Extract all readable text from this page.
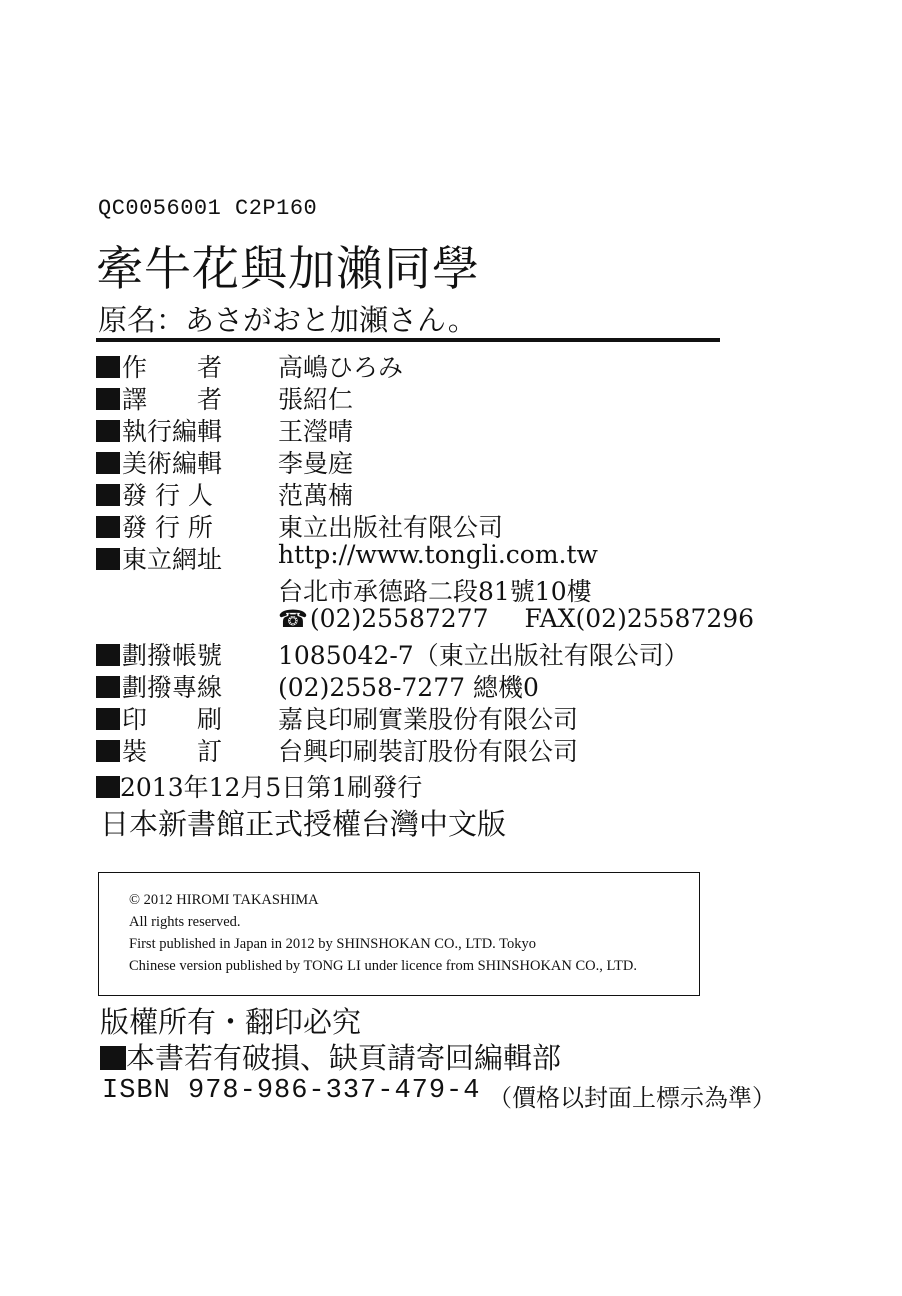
QC0056001 C2P160
牽牛花與加瀨同學
原名：あさがおと加瀬さん。
作　　者 高嶋ひろみ
譯　　者 張紹仁
執行編輯 王瀅晴
美術編輯 李曼庭
發 行 人	范萬楠
發 行 所	東立出版社有限公司
東立網址 http://www.tongli.com.tw
台北市承德路二段81號10樓
☎(02)25587277 FAX(02)25587296
劃撥帳號 1085042-7（東立出版社有限公司）
劃撥專線 (02)2558-7277 總機0
印　　刷 嘉良印刷實業股份有限公司
裝　　訂 台興印刷裝訂股份有限公司
2013年12月5日第1刷發行
日本新書館正式授權台灣中文版
© 2012 HIROMI TAKASHIMA
All rights reserved.
First published in Japan in 2012 by SHINSHOKAN CO., LTD. Tokyo
Chinese version published by TONG LI under licence from SHINSHOKAN CO., LTD.
版權所有・翻印必究
本書若有破損、缺頁請寄回編輯部
ISBN 978-986-337-479-4 （價格以封面上標示為準）
